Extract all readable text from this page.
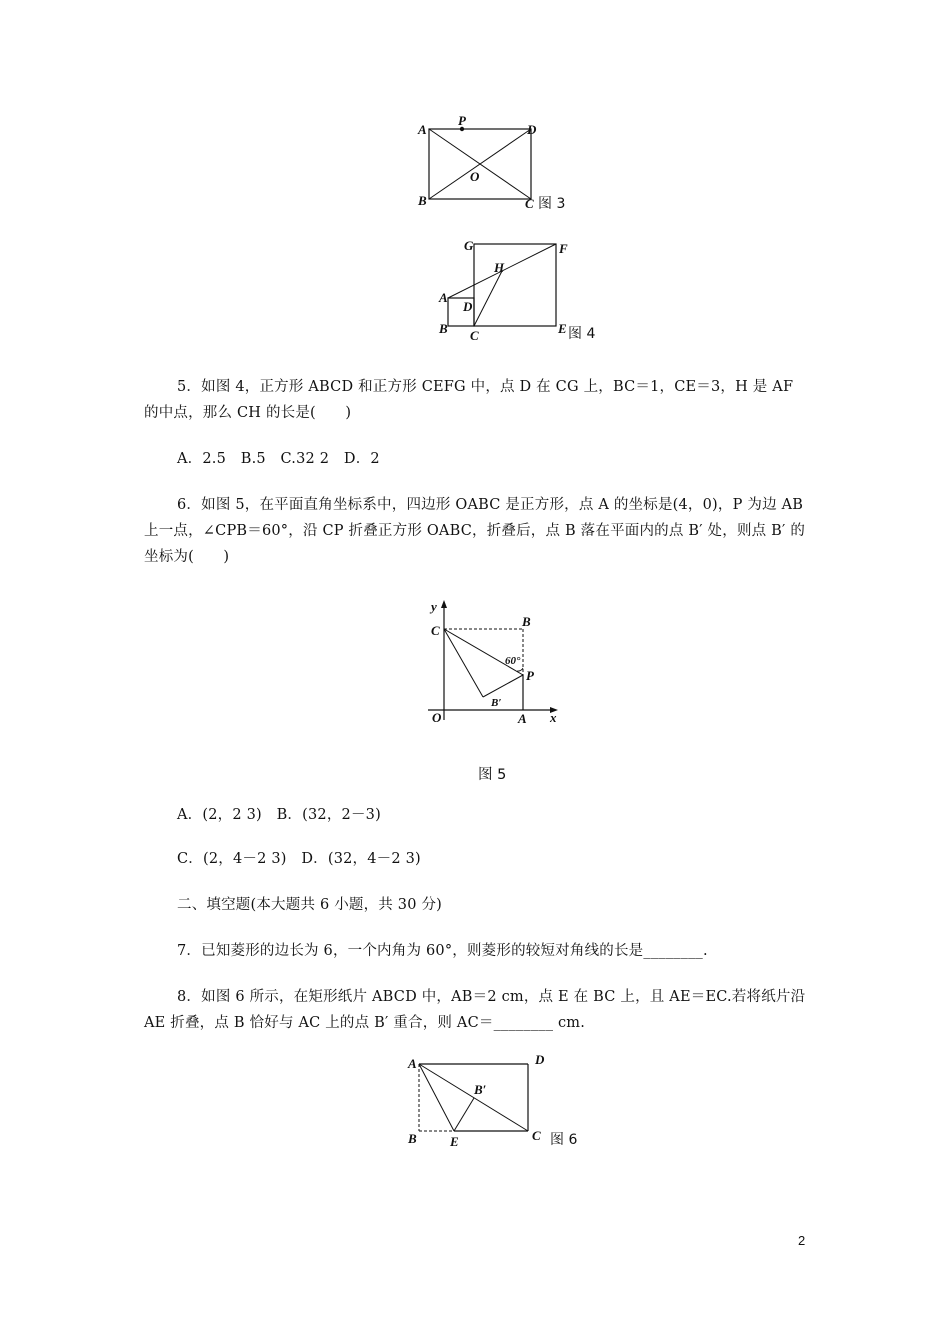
A
P
D
O
B	C 图 3
G	F
H
A
D
B C	E 图 4

5．如图 4，正方形 ABCD 和正方形 CEFG 中，点 D 在 CG 上，BC＝1，CE＝3，H 是 AF 的中点，那么 CH 的长是(　　)

A．2.5　B.5　C.32 2　D．2

6．如图 5，在平面直角坐标系中，四边形 OABC 是正方形，点 A 的坐标是(4，0)，P 为边 AB 上一点，∠CPB＝60°，沿 CP 折叠正方形 OABC，折叠后，点 B 落在平面内的点 B′ 处，则点 B′ 的坐标为(　　)

y
C
B
60°
P
B′
O	A x
图 5

A．(2，2 3)　B．(32，2－3)

C．(2，4－2 3)　D．(32，4－2 3)

二、填空题(本大题共 6 小题，共 30 分)

7．已知菱形的边长为 6，一个内角为 60°，则菱形的较短对角线的长是________.

8．如图 6 所示，在矩形纸片 ABCD 中，AB＝2 cm，点 E 在 BC 上，且 AE＝EC.若将纸片沿 AE 折叠，点 B 恰好与 AC 上的点 B′ 重合，则 AC＝________ cm.

A	D
B′
B	E	C 图 6
2
